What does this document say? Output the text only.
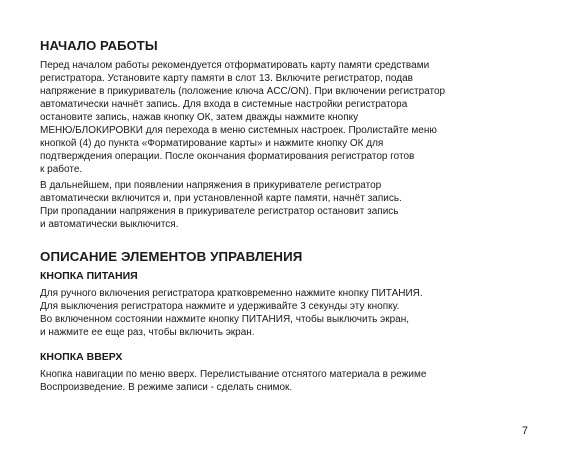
НАЧАЛО РАБОТЫ

Перед началом работы рекомендуется отформатировать карту памяти средствами
регистратора. Установите карту памяти в слот 13. Включите регистратор, подав
напряжение в прикуриватель (положение ключа ACC/ON). При включении регистратор
автоматически начнёт запись. Для входа в системные настройки регистратора
остановите запись, нажав кнопку ОК, затем дважды нажмите кнопку
МЕНЮ/БЛОКИРОВКИ для перехода в меню системных настроек. Пролистайте меню
кнопкой (4) до пункта «Форматирование карты» и нажмите кнопку ОК для
подтверждения операции. После окончания форматирования регистратор готов
к работе.

В дальнейшем, при появлении напряжения в прикуривателе регистратор
автоматически включится и, при установленной карте памяти, начнёт запись.
При пропадании напряжения в прикуривателе регистратор остановит запись
и автоматически выключится.

ОПИСАНИЕ ЭЛЕМЕНТОВ УПРАВЛЕНИЯ
КНОПКА ПИТАНИЯ

Для ручного включения регистратора кратковременно нажмите кнопку ПИТАНИЯ.
Для выключения регистратора нажмите и удерживайте 3 секунды эту кнопку.
Во включенном состоянии нажмите кнопку ПИТАНИЯ, чтобы выключить экран,
и нажмите ее еще раз, чтобы включить экран.

КНОПКА ВВЕРХ

Кнопка навигации по меню вверх. Перелистывание отснятого материала в режиме
Воспроизведение. В режиме записи - сделать снимок.

7
